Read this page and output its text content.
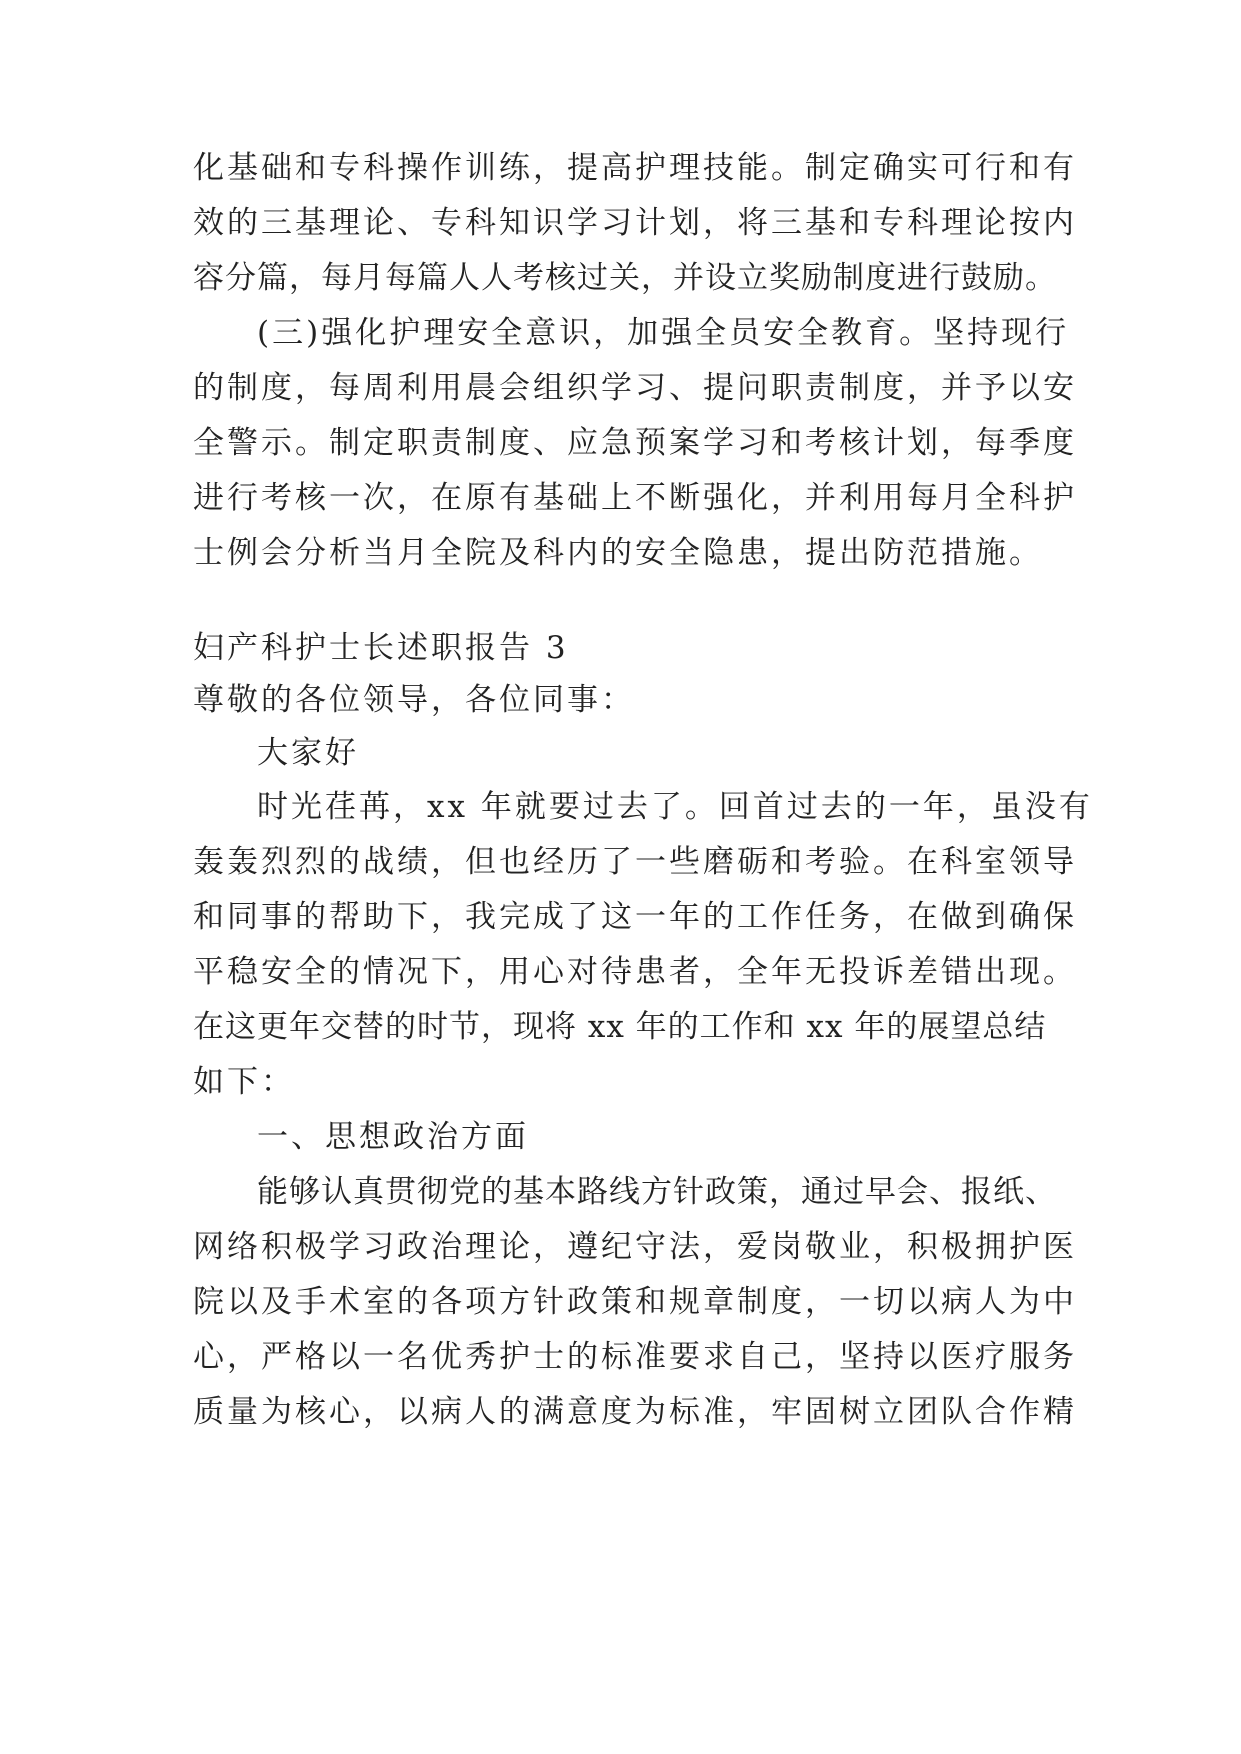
化基础和专科操作训练，提高护理技能。制定确实可行和有

效的三基理论、专科知识学习计划，将三基和专科理论按内

容分篇，每月每篇人人考核过关，并设立奖励制度进行鼓励。

(三)强化护理安全意识，加强全员安全教育。坚持现行

的制度，每周利用晨会组织学习、提问职责制度，并予以安

全警示。制定职责制度、应急预案学习和考核计划，每季度

进行考核一次，在原有基础上不断强化，并利用每月全科护

士例会分析当月全院及科内的安全隐患，提出防范措施。

妇产科护士长述职报告 3

尊敬的各位领导，各位同事：

大家好

时光荏苒，xx 年就要过去了。回首过去的一年，虽没有

轰轰烈烈的战绩，但也经历了一些磨砺和考验。在科室领导

和同事的帮助下，我完成了这一年的工作任务，在做到确保

平稳安全的情况下，用心对待患者，全年无投诉差错出现。

在这更年交替的时节，现将 xx 年的工作和 xx 年的展望总结

如下：

一、思想政治方面

能够认真贯彻党的基本路线方针政策，通过早会、报纸、

网络积极学习政治理论，遵纪守法，爱岗敬业，积极拥护医

院以及手术室的各项方针政策和规章制度，一切以病人为中

心，严格以一名优秀护士的标准要求自己，坚持以医疗服务

质量为核心，以病人的满意度为标准，牢固树立团队合作精
